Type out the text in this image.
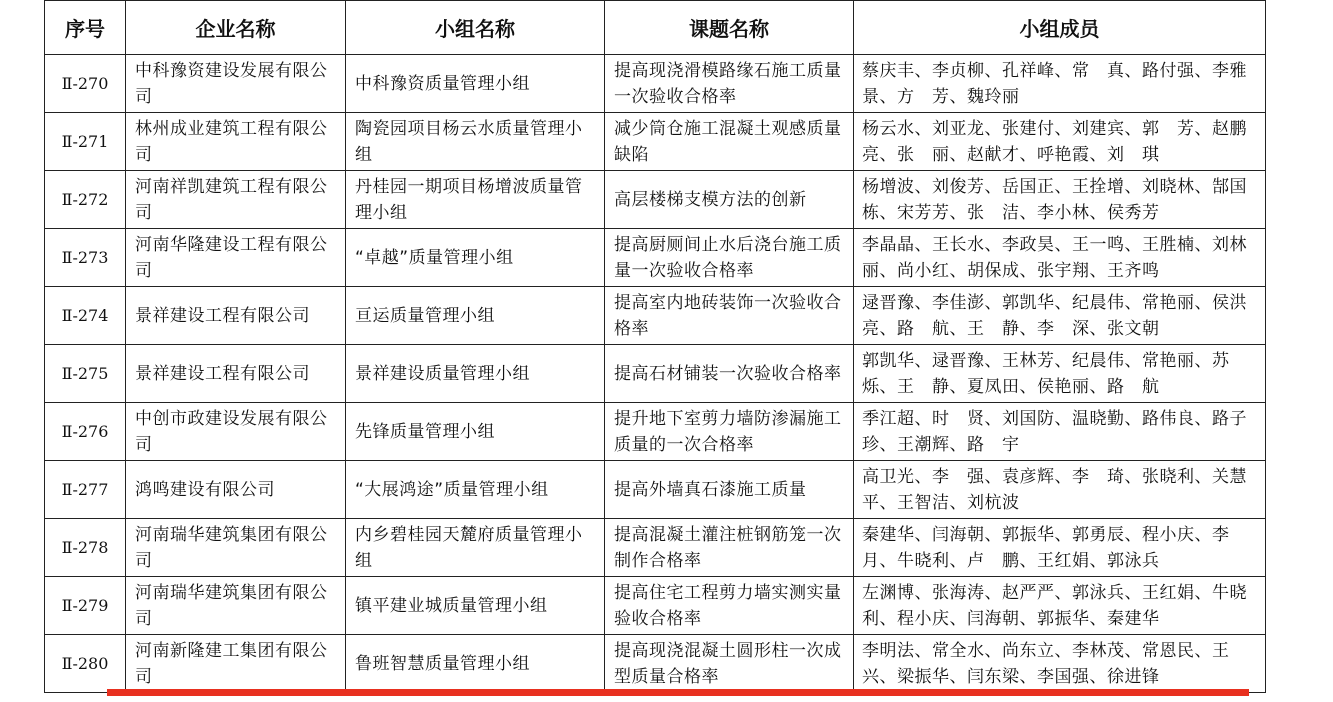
序号	企业名称	小组名称	课题名称	小组成员
Ⅱ-270	中科豫资建设发展有限公司	中科豫资质量管理小组	提高现浇滑模路缘石施工质量一次验收合格率	蔡庆丰、李贞柳、孔祥峰、常　真、路付强、李雅景、方　芳、魏玲丽

Ⅱ-271	林州成业建筑工程有限公司	陶瓷园项目杨云水质量管理小组	减少筒仓施工混凝土观感质量缺陷	杨云水、刘亚龙、张建付、刘建宾、郭　芳、赵鹏亮、张　丽、赵献才、呼艳霞、刘　琪

Ⅱ-272	河南祥凯建筑工程有限公司	丹桂园一期项目杨增波质量管理小组	高层楼梯支模方法的创新	杨增波、刘俊芳、岳国正、王拴增、刘晓林、郜国栋、宋芳芳、张　洁、李小林、侯秀芳

Ⅱ-273	河南华隆建设工程有限公司	“卓越”质量管理小组	提高厨厕间止水后浇台施工质量一次验收合格率	李晶晶、王长水、李政昊、王一鸣、王胜楠、刘林丽、尚小红、胡保成、张宇翔、王齐鸣

Ⅱ-274	景祥建设工程有限公司	亘运质量管理小组	提高室内地砖装饰一次验收合格率	逯晋豫、李佳澎、郭凯华、纪晨伟、常艳丽、侯洪亮、路　航、王　静、李　深、张文朝

Ⅱ-275	景祥建设工程有限公司	景祥建设质量管理小组	提高石材铺装一次验收合格率	郭凯华、逯晋豫、王林芳、纪晨伟、常艳丽、苏　烁、王　静、夏凤田、侯艳丽、路　航

Ⅱ-276	中创市政建设发展有限公司	先锋质量管理小组	提升地下室剪力墙防渗漏施工质量的一次合格率	季江超、时　贤、刘国防、温晓勤、路伟良、路子珍、王潮辉、路　宇

Ⅱ-277	鸿鸣建设有限公司	“大展鸿途”质量管理小组	提高外墙真石漆施工质量	高卫光、李　强、袁彦辉、李　琦、张晓利、关慧平、王智洁、刘杭波

Ⅱ-278	河南瑞华建筑集团有限公司	内乡碧桂园天麓府质量管理小组	提高混凝土灌注桩钢筋笼一次制作合格率	秦建华、闫海朝、郭振华、郭勇辰、程小庆、李　月、牛晓利、卢　鹏、王红娟、郭泳兵

Ⅱ-279	河南瑞华建筑集团有限公司	镇平建业城质量管理小组	提高住宅工程剪力墙实测实量验收合格率	左渊博、张海涛、赵严严、郭泳兵、王红娟、牛晓利、程小庆、闫海朝、郭振华、秦建华

Ⅱ-280	河南新隆建工集团有限公司	鲁班智慧质量管理小组	提高现浇混凝土圆形柱一次成型质量合格率	李明法、常全水、尚东立、李林茂、常恩民、王　兴、梁振华、闫东梁、李国强、徐进锋
